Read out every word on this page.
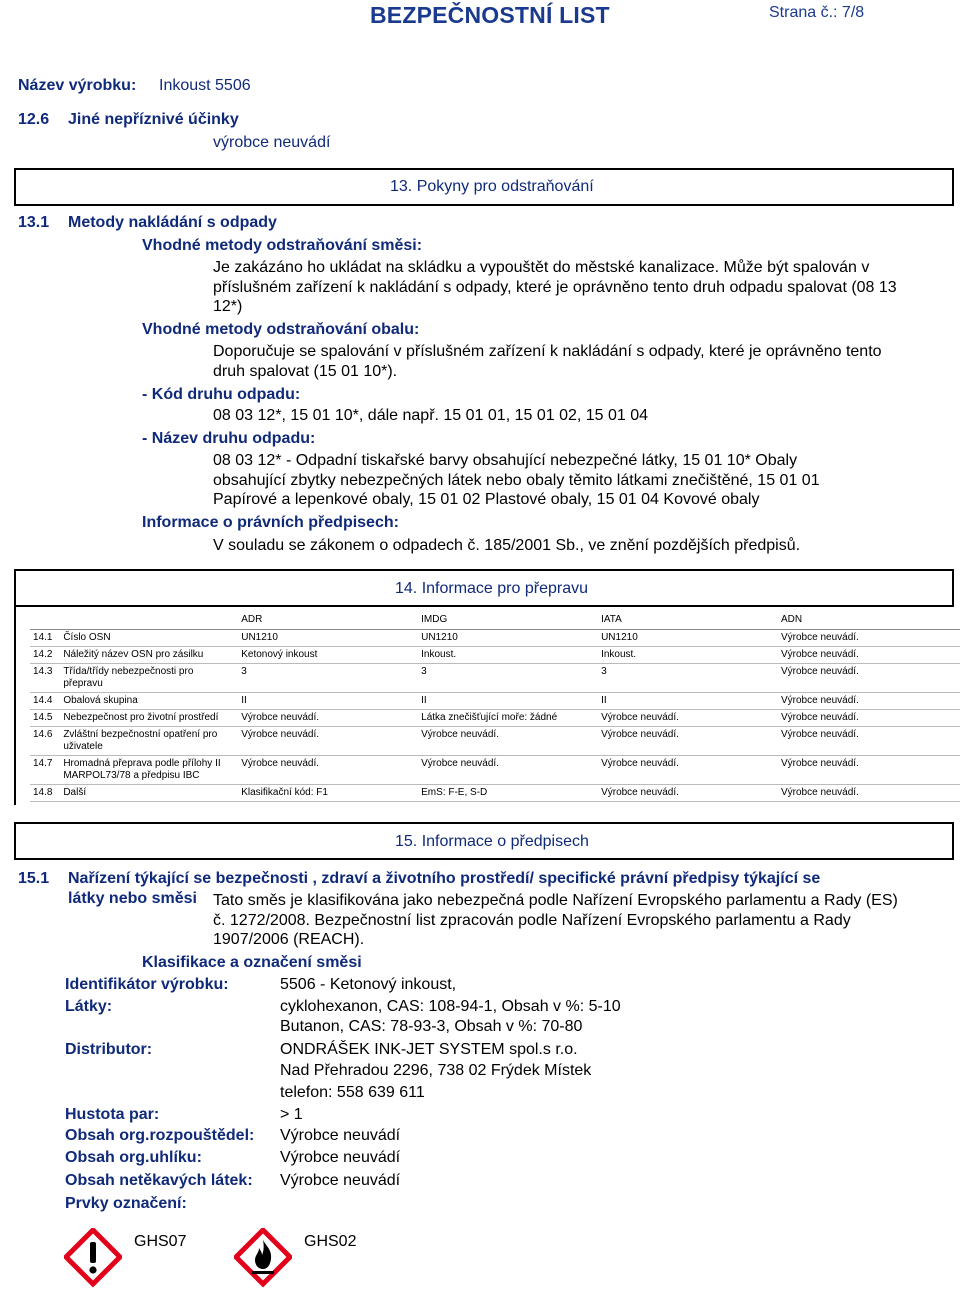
BEZPEČNOSTNÍ LIST	Strana č.: 7/8
Název výrobku: Inkoust 5506
12.6 Jiné nepříznivé účinky
výrobce neuvádí
13. Pokyny pro odstraňování
13.1 Metody nakládání s odpady
Vhodné metody odstraňování směsi:
Je zakázáno ho ukládat na skládku a vypouštět do městské kanalizace. Může být spalován v příslušném zařízení k nakládání s odpady, které je oprávněno tento druh odpadu spalovat (08 13 12*)
Vhodné metody odstraňování obalu:
Doporučuje se spalování v příslušném zařízení k nakládání s odpady, které je oprávněno tento druh spalovat (15 01 10*).
- Kód druhu odpadu:
08 03 12*, 15 01 10*, dále např. 15 01 01, 15 01 02, 15 01 04
- Název druhu odpadu:
08 03 12* - Odpadní tiskařské barvy obsahující nebezpečné látky, 15 01 10* Obaly obsahující zbytky nebezpečných látek nebo obaly těmito látkami znečištěné, 15 01 01 Papírové a lepenkové obaly, 15 01 02 Plastové obaly, 15 01 04 Kovové obaly
Informace o právních předpisech:
V souladu se zákonem o odpadech č. 185/2001 Sb., ve znění pozdějších předpisů.
14. Informace pro přepravu
		ADR	IMDG	IATA	ADN
14.1	Číslo OSN	UN1210	UN1210	UN1210	Výrobce neuvádí.
14.2	Náležitý název OSN pro zásilku	Ketonový inkoust	Inkoust.	Inkoust.	Výrobce neuvádí.
14.3	Třída/třídy nebezpečnosti pro přepravu	3	3	3	Výrobce neuvádí.
14.4	Obalová skupina	II	II	II	Výrobce neuvádí.
14.5	Nebezpečnost pro životní prostředí	Výrobce neuvádí.	Látka znečišťující moře: žádné	Výrobce neuvádí.	Výrobce neuvádí.
14.6	Zvláštní bezpečnostní opatření pro uživatele	Výrobce neuvádí.	Výrobce neuvádí.	Výrobce neuvádí.	Výrobce neuvádí.
14.7	Hromadná přeprava podle přílohy II MARPOL73/78 a předpisu IBC	Výrobce neuvádí.	Výrobce neuvádí.	Výrobce neuvádí.	Výrobce neuvádí.
14.8	Další	Klasifikační kód: F1	EmS: F-E, S-D	Výrobce neuvádí.	Výrobce neuvádí.
15. Informace o předpisech
15.1 Nařízení týkající se bezpečnosti , zdraví a životního prostředí/ specifické právní předpisy týkající se
látky nebo směsi Tato směs je klasifikována jako nebezpečná podle Nařízení Evropského parlamentu a Rady (ES) č. 1272/2008. Bezpečnostní list zpracován podle Nařízení Evropského parlamentu a Rady 1907/2006 (REACH).
Klasifikace a označení směsi
Identifikátor výrobku:	5506 - Ketonový inkoust,
Látky:	cyklohexanon, CAS: 108-94-1, Obsah v %: 5-10
Butanon, CAS: 78-93-3, Obsah v %: 70-80
Distributor:	ONDRÁŠEK INK-JET SYSTEM spol.s r.o.
Nad Přehradou 2296, 738 02 Frýdek Místek
telefon: 558 639 611
Hustota par:	> 1
Obsah org.rozpouštědel: Výrobce neuvádí
Obsah org.uhlíku:	Výrobce neuvádí
Obsah netěkavých látek: Výrobce neuvádí
Prvky označení:
GHS07	GHS02
